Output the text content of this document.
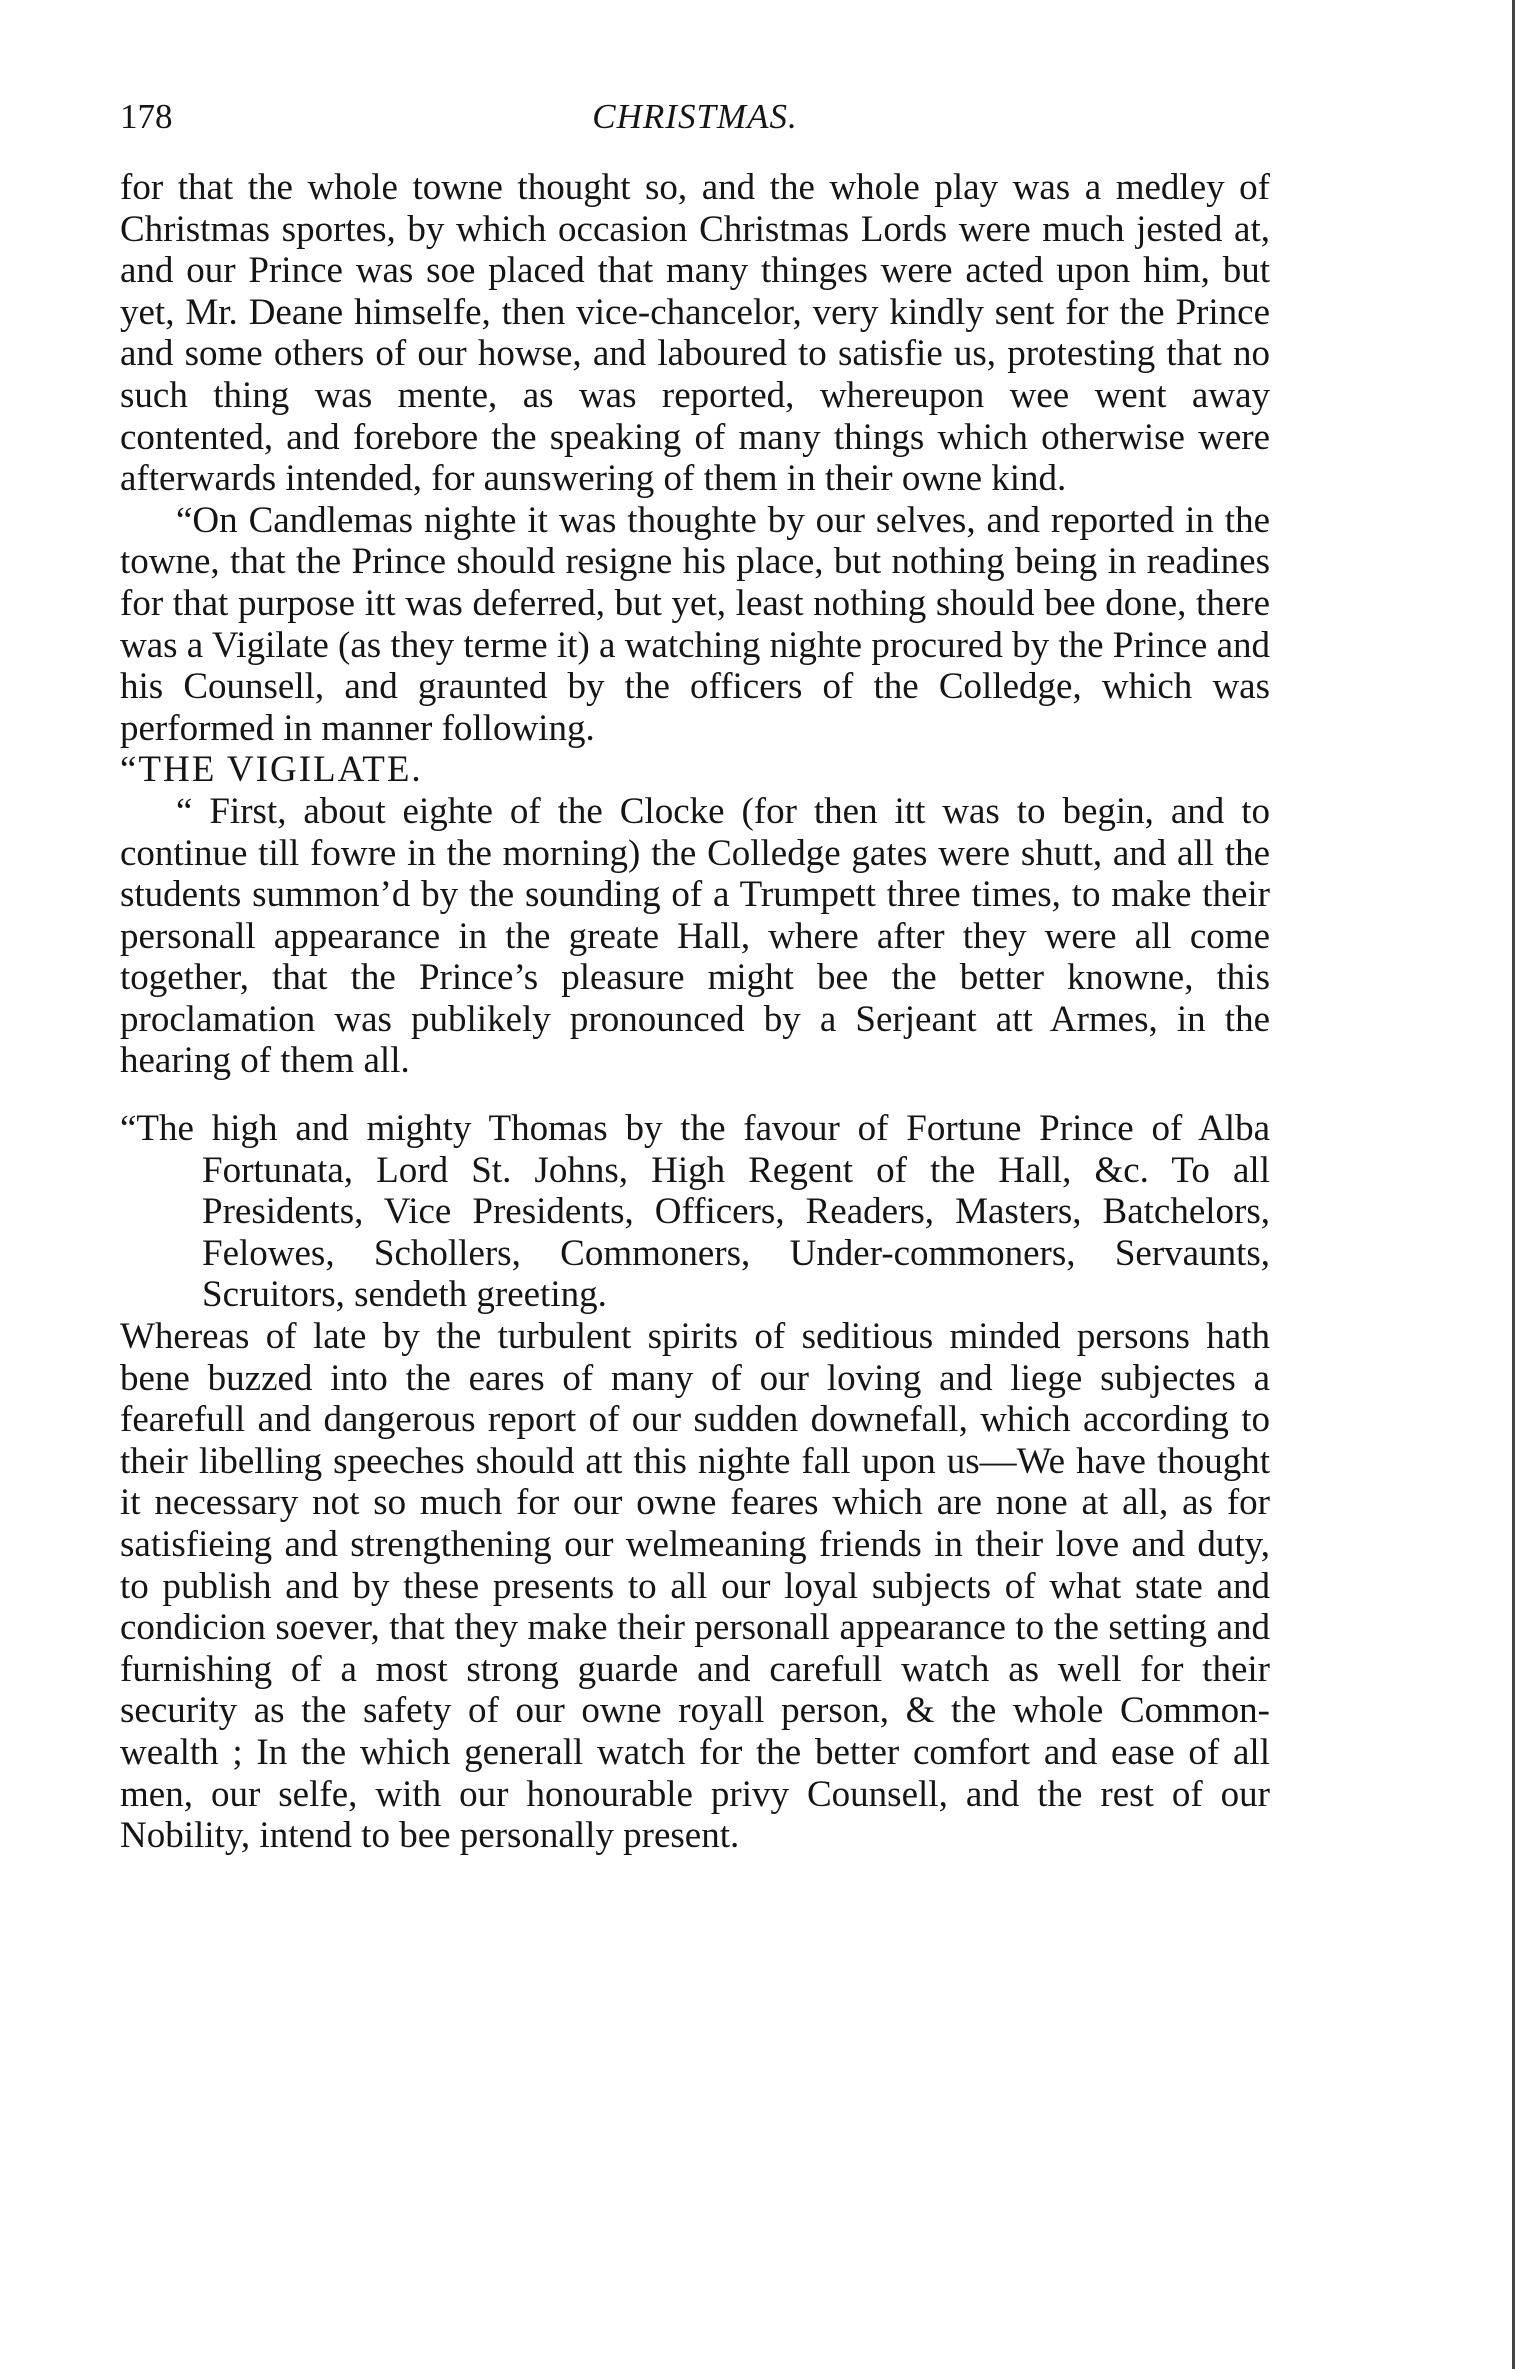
178	CHRISTMAS.

for that the whole towne thought so, and the whole play was a medley of Christmas sportes, by which occasion Christmas Lords were much jested at, and our Prince was soe placed that many thinges were acted upon him, but yet, Mr. Deane himselfe, then vice-chancelor, very kindly sent for the Prince and some others of our howse, and laboured to satisfie us, protesting that no such thing was mente, as was reported, whereupon wee went away contented, and forebore the speaking of many things which otherwise were afterwards intended, for aunswering of them in their owne kind.

“On Candlemas nighte it was thoughte by our selves, and reported in the towne, that the Prince should resigne his place, but nothing being in readines for that purpose itt was deferred, but yet, least nothing should bee done, there was a Vigilate (as they terme it) a watching nighte procured by the Prince and his Counsell, and graunted by the officers of the Colledge, which was performed in manner following.

“THE VIGILATE.

“ First, about eighte of the Clocke (for then itt was to begin, and to continue till fowre in the morning) the Colledge gates were shutt, and all the students summon’d by the sounding of a Trumpett three times, to make their personall appearance in the greate Hall, where after they were all come together, that the Prince’s pleasure might bee the better knowne, this proclamation was publikely pronounced by a Serjeant att Armes, in the hearing of them all.

“The high and mighty Thomas by the favour of Fortune Prince of Alba Fortunata, Lord St. Johns, High Regent of the Hall, &c. To all Presidents, Vice Presidents, Officers, Readers, Masters, Batchelors, Felowes, Schollers, Commoners, Under-commoners, Servaunts, Scruitors, sendeth greeting.

Whereas of late by the turbulent spirits of seditious minded persons hath bene buzzed into the eares of many of our loving and liege subjectes a fearefull and dangerous report of our sudden downefall, which according to their libelling speeches should att this nighte fall upon us—We have thought it necessary not so much for our owne feares which are none at all, as for satisfieing and strengthening our welmeaning friends in their love and duty, to publish and by these presents to all our loyal subjects of what state and condicion soever, that they make their personall appearance to the setting and furnishing of a most strong guarde and carefull watch as well for their security as the safety of our owne royall person, & the whole Common-wealth ; In the which generall watch for the better comfort and ease of all men, our selfe, with our honourable privy Counsell, and the rest of our Nobility, intend to bee personally present.
